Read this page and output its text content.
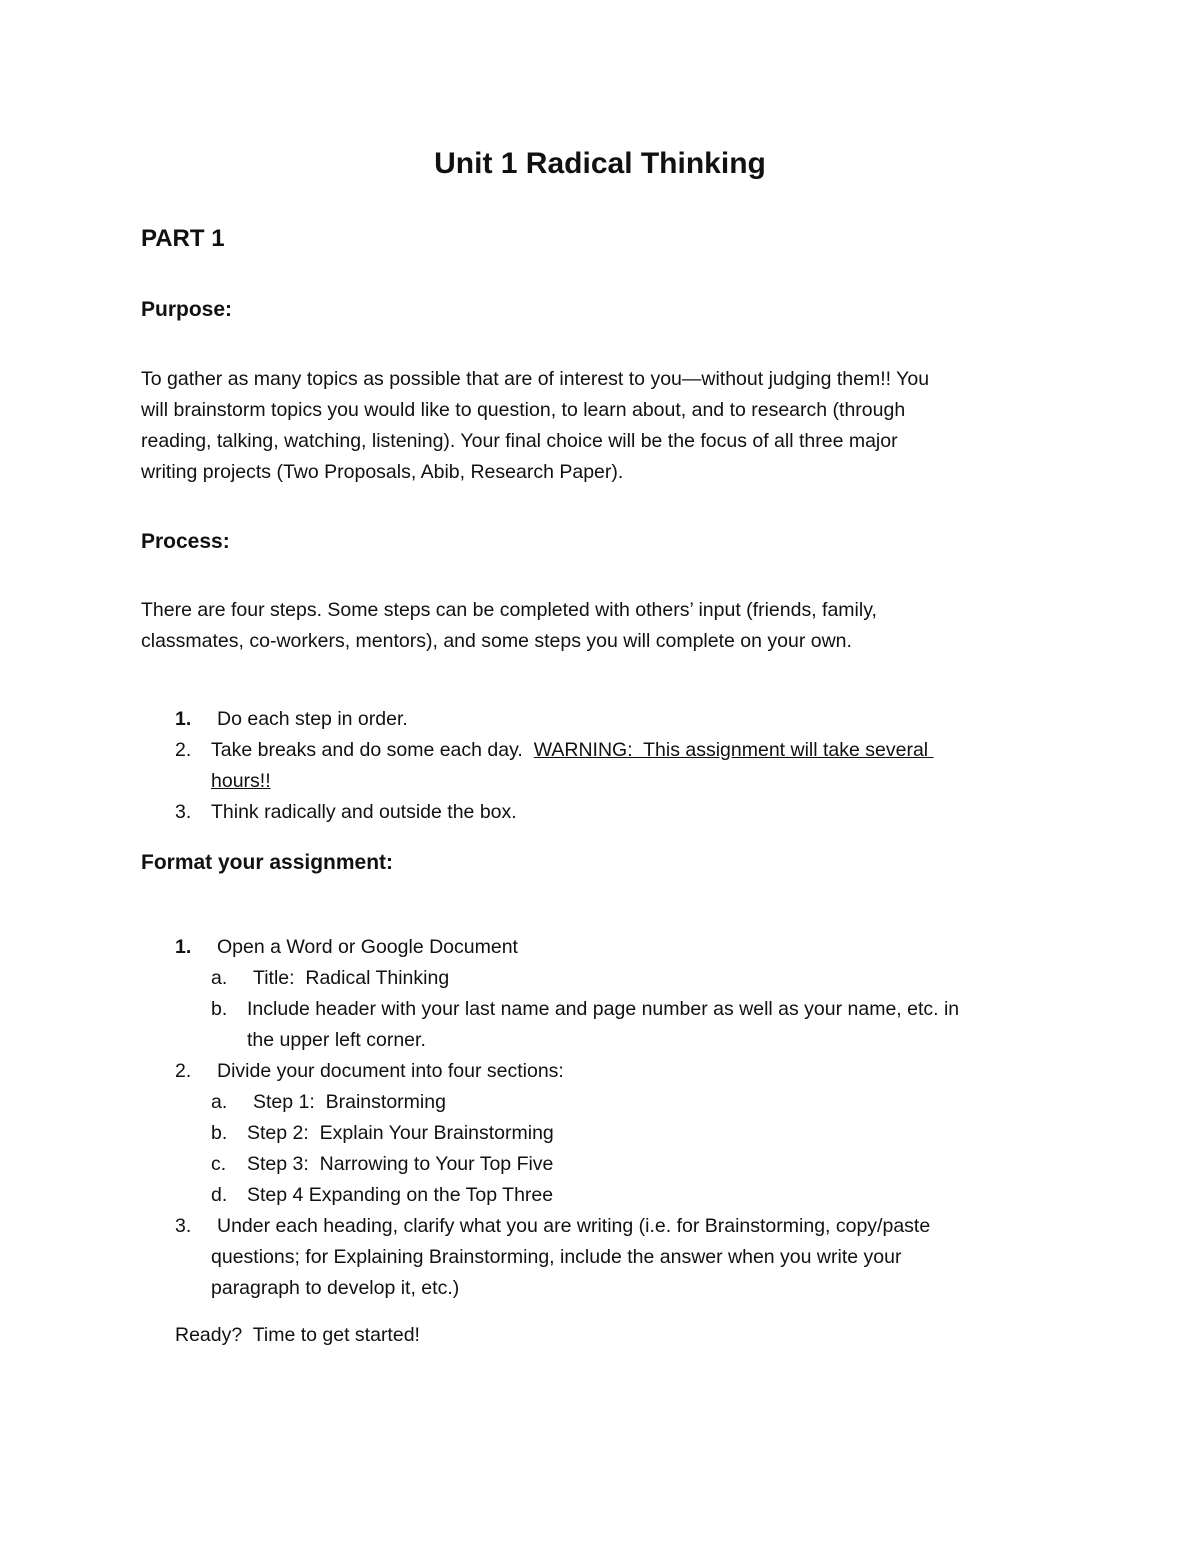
Unit 1 Radical Thinking
PART 1
Purpose:
To gather as many topics as possible that are of interest to you—without judging them!! You
will brainstorm topics you would like to question, to learn about, and to research (through
reading, talking, watching, listening). Your final choice will be the focus of all three major
writing projects (Two Proposals, Abib, Research Paper).
Process:
There are four steps. Some steps can be completed with others’ input (friends, family,
classmates, co-workers, mentors), and some steps you will complete on your own.
1. Do each step in order.
2. Take breaks and do some each day. WARNING:  This assignment will take several
hours!!
3. Think radically and outside the box.
Format your assignment:
1. Open a Word or Google Document
a. Title:  Radical Thinking
b. Include header with your last name and page number as well as your name, etc. in
the upper left corner.
2. Divide your document into four sections:
a. Step 1:  Brainstorming
b. Step 2:  Explain Your Brainstorming
c. Step 3:  Narrowing to Your Top Five
d. Step 4 Expanding on the Top Three
3. Under each heading, clarify what you are writing (i.e. for Brainstorming, copy/paste
questions; for Explaining Brainstorming, include the answer when you write your
paragraph to develop it, etc.)
Ready?  Time to get started!
